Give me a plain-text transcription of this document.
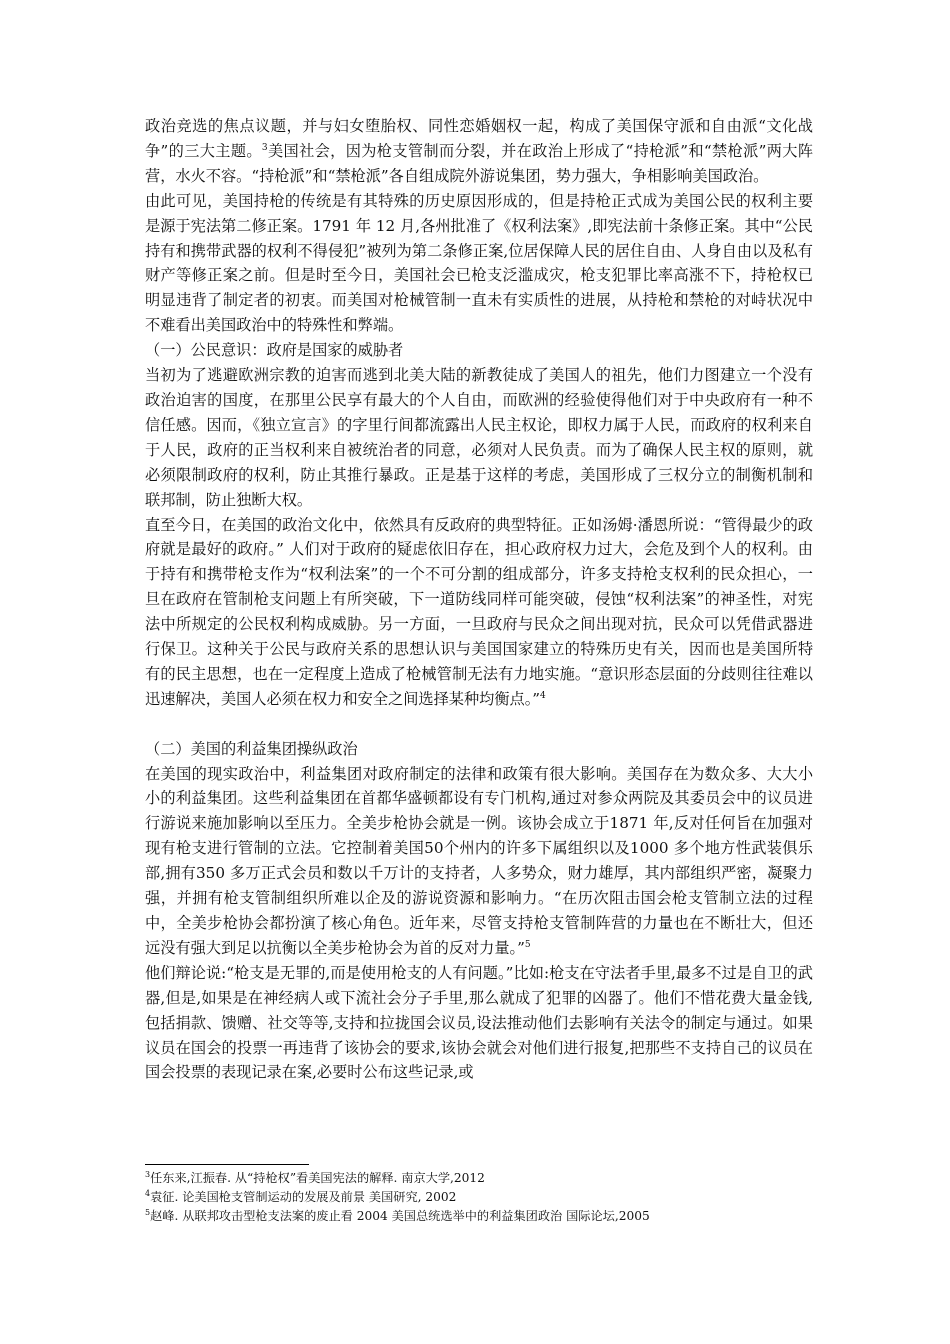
政治竞选的焦点议题，并与妇女堕胎权、同性恋婚姻权一起，构成了美国保守派和自由派“文化战争”的三大主题。$^3$美国社会，因为枪支管制而分裂，并在政治上形成了“持枪派”和“禁枪派”两大阵营，水火不容。“持枪派”和“禁枪派”各自组成院外游说集团，势力强大，争相影响美国政治。

由此可见，美国持枪的传统是有其特殊的历史原因形成的，但是持枪正式成为美国公民的权利主要是源于宪法第二修正案。1791 年 12 月,各州批准了《权利法案》,即宪法前十条修正案。其中“公民持有和携带武器的权利不得侵犯”被列为第二条修正案,位居保障人民的居住自由、人身自由以及私有财产等修正案之前。但是时至今日，美国社会已枪支泛滥成灾，枪支犯罪比率高涨不下，持枪权已明显违背了制定者的初衷。而美国对枪械管制一直未有实质性的进展，从持枪和禁枪的对峙状况中不难看出美国政治中的特殊性和弊端。

（一）公民意识：政府是国家的威胁者

当初为了逃避欧洲宗教的迫害而逃到北美大陆的新教徒成了美国人的祖先，他们力图建立一个没有政治迫害的国度，在那里公民享有最大的个人自由，而欧洲的经验使得他们对于中央政府有一种不信任感。因而，《独立宣言》的字里行间都流露出人民主权论，即权力属于人民，而政府的权利来自于人民，政府的正当权利来自被统治者的同意，必须对人民负责。而为了确保人民主权的原则，就必须限制政府的权利，防止其推行暴政。正是基于这样的考虑，美国形成了三权分立的制衡机制和联邦制，防止独断大权。

直至今日，在美国的政治文化中，依然具有反政府的典型特征。正如汤姆·潘恩所说：“管得最少的政府就是最好的政府。” 人们对于政府的疑虑依旧存在，担心政府权力过大，会危及到个人的权利。由于持有和携带枪支作为“权利法案”的一个不可分割的组成部分，许多支持枪支权利的民众担心，一旦在政府在管制枪支问题上有所突破，下一道防线同样可能突破，侵蚀“权利法案”的神圣性，对宪法中所规定的公民权利构成威胁。另一方面，一旦政府与民众之间出现对抗，民众可以凭借武器进行保卫。这种关于公民与政府关系的思想认识与美国国家建立的特殊历史有关，因而也是美国所特有的民主思想，也在一定程度上造成了枪械管制无法有力地实施。“意识形态层面的分歧则往往难以迅速解决，美国人必须在权力和安全之间选择某种均衡点。”$^4$

（二）美国的利益集团操纵政治

在美国的现实政治中，利益集团对政府制定的法律和政策有很大影响。美国存在为数众多、大大小小的利益集团。这些利益集团在首都华盛顿都设有专门机构,通过对参众两院及其委员会中的议员进行游说来施加影响以至压力。全美步枪协会就是一例。该协会成立于1871 年,反对任何旨在加强对现有枪支进行管制的立法。它控制着美国50个州内的许多下属组织以及1000 多个地方性武装俱乐部,拥有350 多万正式会员和数以千万计的支持者，人多势众，财力雄厚，其内部组织严密，凝聚力强，并拥有枪支管制组织所难以企及的游说资源和影响力。“在历次阻击国会枪支管制立法的过程中，全美步枪协会都扮演了核心角色。近年来，尽管支持枪支管制阵营的力量也在不断壮大，但还远没有强大到足以抗衡以全美步枪协会为首的反对力量。”$^5$

他们辩论说:“枪支是无罪的,而是使用枪支的人有问题。”比如:枪支在守法者手里,最多不过是自卫的武器,但是,如果是在神经病人或下流社会分子手里,那么就成了犯罪的凶器了。他们不惜花费大量金钱,包括捐款、馈赠、社交等等,支持和拉拢国会议员,设法推动他们去影响有关法令的制定与通过。如果议员在国会的投票一再违背了该协会的要求,该协会就会对他们进行报复,把那些不支持自己的议员在国会投票的表现记录在案,必要时公布这些记录,或

$^3$任东来,江振春. 从“持枪权”看美国宪法的解释. 南京大学,2012

$^4$袁征. 论美国枪支管制运动的发展及前景 美国研究, 2002

$^5$赵峰. 从联邦攻击型枪支法案的废止看 2004 美国总统选举中的利益集团政治 国际论坛,2005
